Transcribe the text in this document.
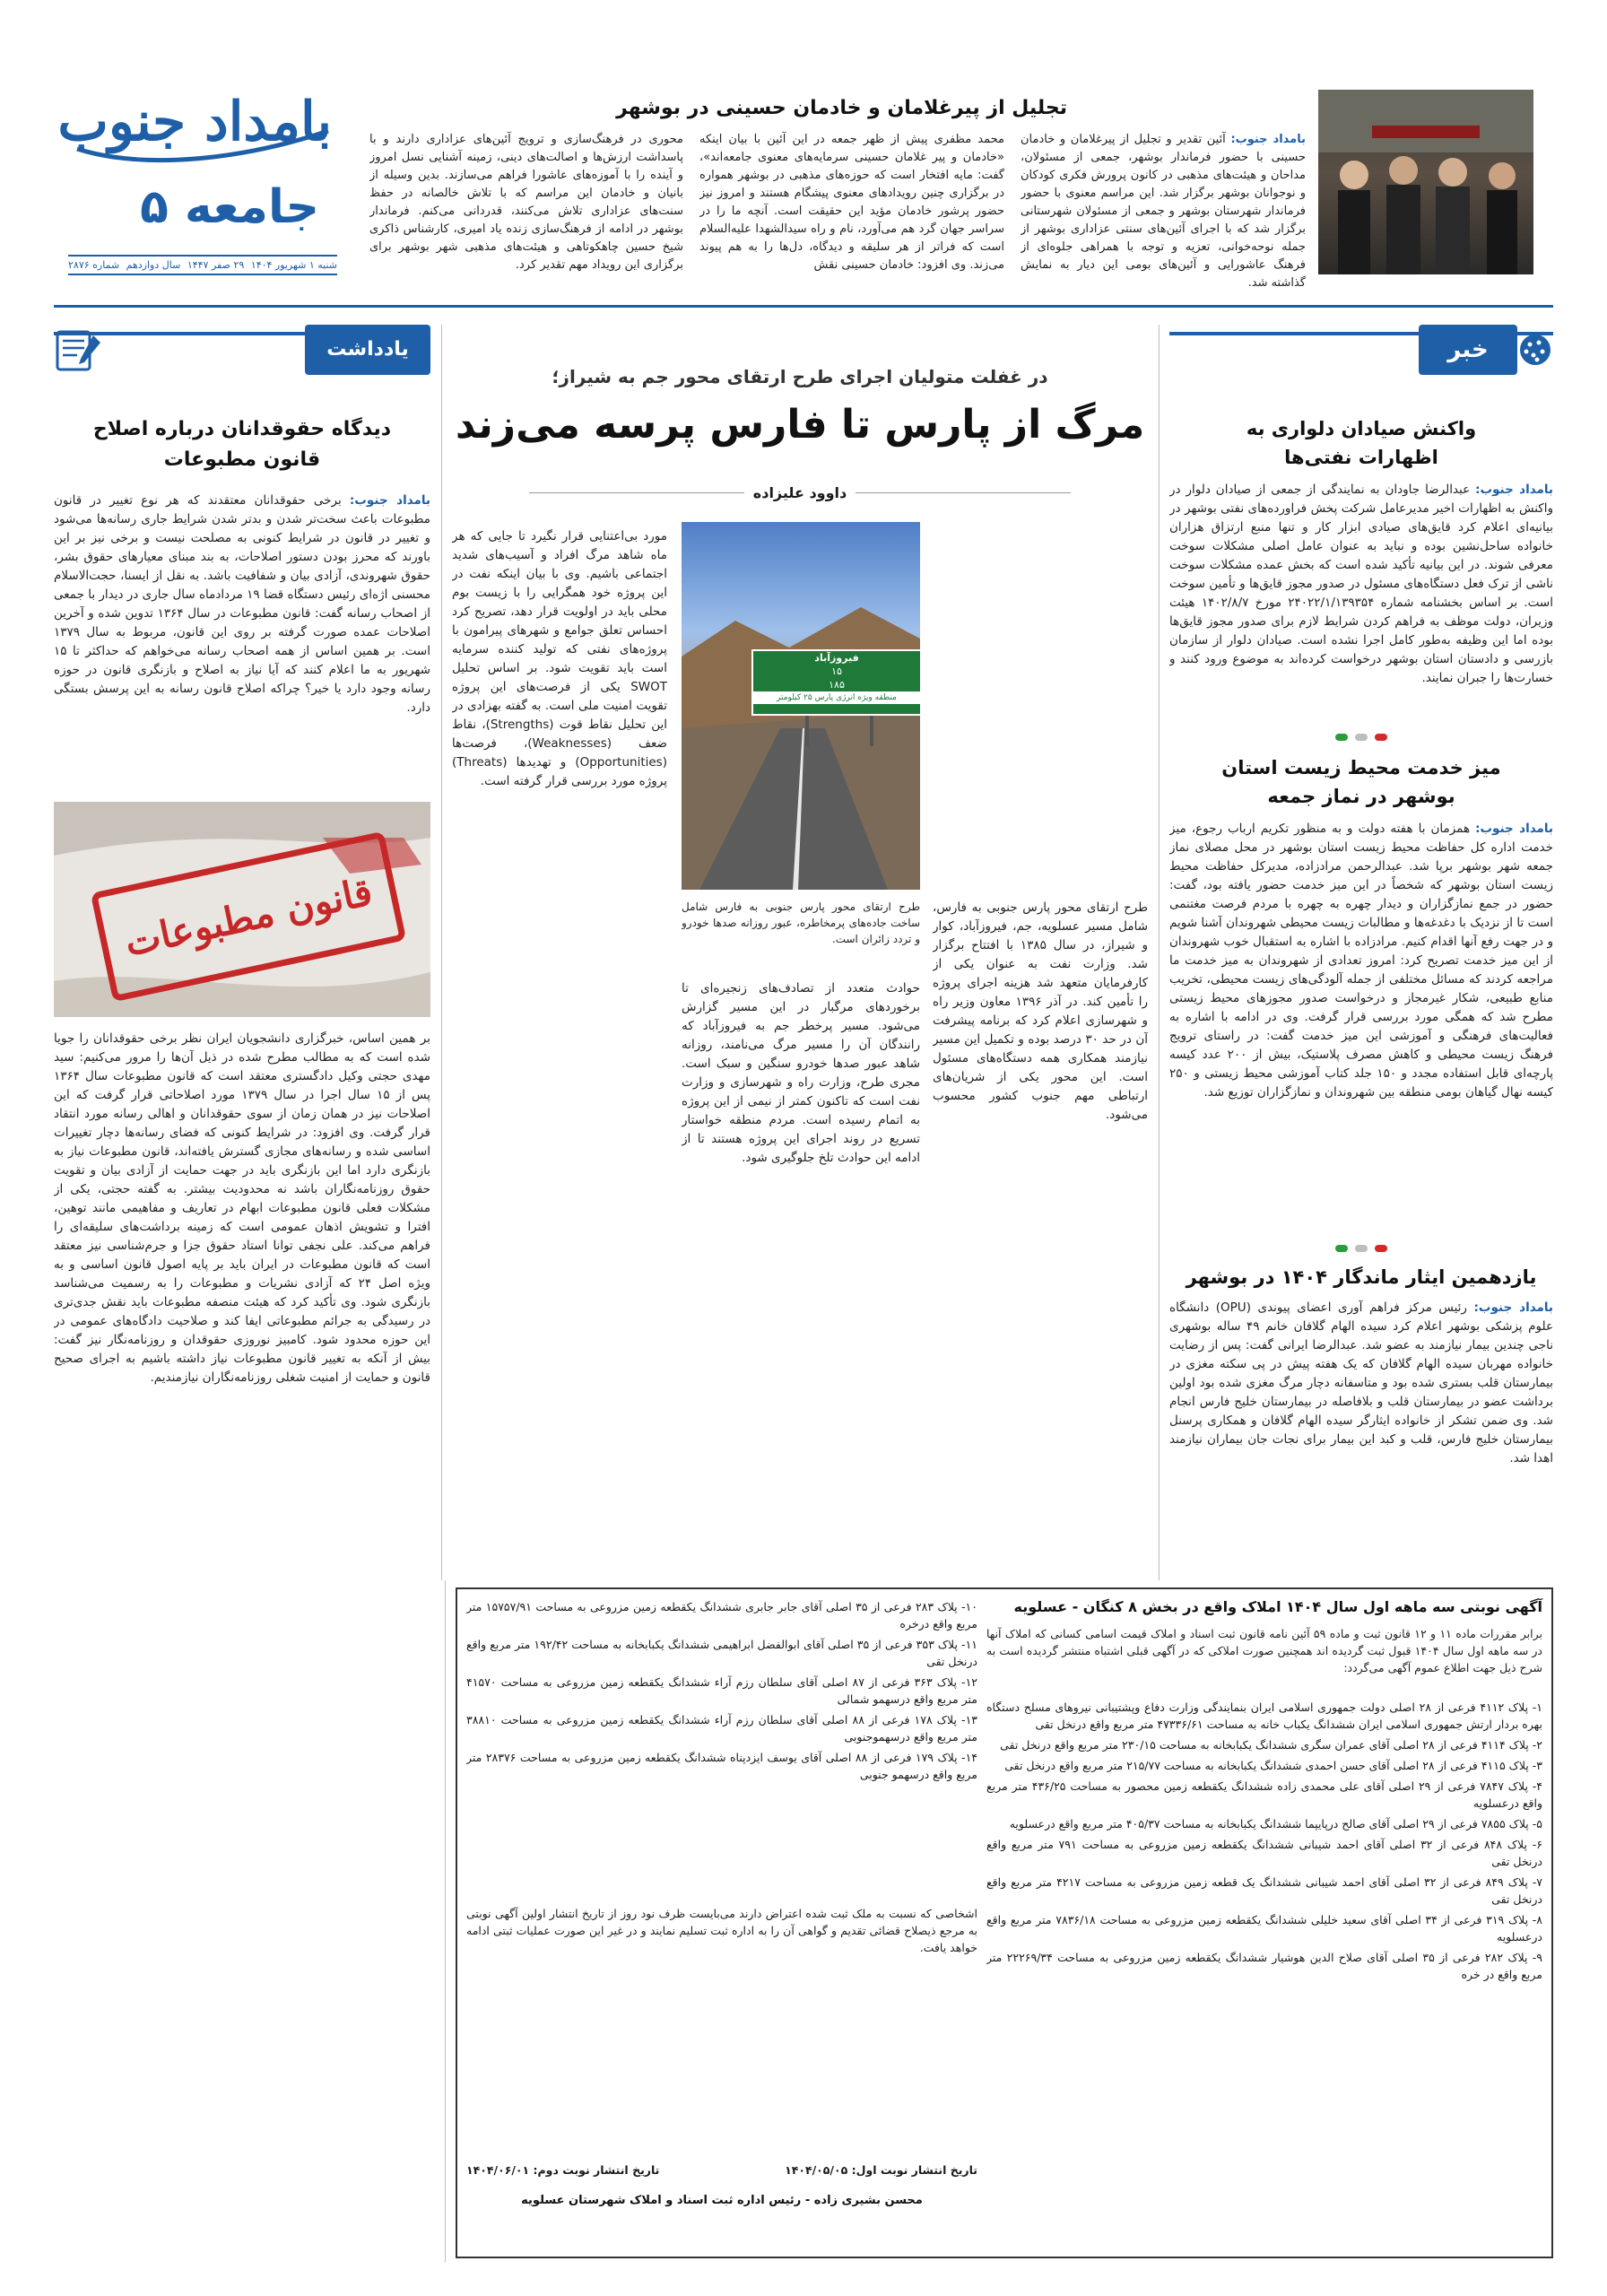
بامداد جنوب
جامعه ۵
شنبه ۱ شهریور ۱۴۰۴
۲۹ صفر ۱۴۴۷
سال دوازدهم
شماره ۲۸۷۶
تجلیل از پیرغلامان و خادمان حسینی در بوشهر
بامداد جنوب: آئین تقدیر و تجلیل از پیرغلامان و خادمان حسینی با حضور فرماندار بوشهر، جمعی از مسئولان، مداحان و هیئت‌های مذهبی در کانون پرورش فکری کودکان و نوجوانان بوشهر برگزار شد. این مراسم معنوی با حضور فرماندار شهرستان بوشهر و جمعی از مسئولان شهرستانی برگزار شد که با اجرای آئین‌های سنتی عزاداری بوشهر از جمله نوحه‌خوانی، تعزیه و توجه با همراهی جلوه‌ای از فرهنگ عاشورایی و آئین‌های بومی این دیار به نمایش گذاشته شد.
محمد مظفری پیش از ظهر جمعه در این آئین با بیان اینکه «خادمان و پیر غلامان حسینی سرمایه‌های معنوی جامعه‌اند»، گفت: مایه افتخار است که حوزه‌های مذهبی در بوشهر همواره در برگزاری چنین رویدادهای معنوی پیشگام هستند و امروز نیز حضور پرشور خادمان مؤید این حقیقت است. آنچه ما را در سراسر جهان گرد هم می‌آورد، نام و راه سیدالشهدا علیه‌السلام است که فراتر از هر سلیقه و دیدگاه، دل‌ها را به هم پیوند می‌زند. وی افزود: خادمان حسینی نقش
محوری در فرهنگ‌سازی و ترویج آئین‌های عزاداری دارند و با پاسداشت ارزش‌ها و اصالت‌های دینی، زمینه آشنایی نسل امروز و آینده را با آموزه‌های عاشورا فراهم می‌سازند. بدین وسیله از بانیان و خادمان این مراسم که با تلاش خالصانه در حفظ سنت‌های عزاداری تلاش می‌کنند، قدردانی می‌کنم. فرماندار بوشهر در ادامه از فرهنگ‌سازی زنده یاد امیری، کارشناس ذاکری شیخ حسین چاهکوتاهی و هیئت‌های مذهبی شهر بوشهر برای برگزاری این رویداد مهم تقدیر کرد.
خبر
واکنش صیادان دلواری به اظهارات نفتی‌ها
بامداد جنوب: عبدالرضا جاودان به نمایندگی از جمعی از صیادان دلوار در واکنش به اظهارات اخیر مدیرعامل شرکت پخش فراورده‌های نفتی بوشهر در بیانیه‌ای اعلام کرد قایق‌های صیادی ابزار کار و تنها منبع ارتزاق هزاران خانواده ساحل‌نشین بوده و نباید به عنوان عامل اصلی مشکلات سوخت معرفی شوند. در این بیانیه تأکید شده است که بخش عمده مشکلات سوخت ناشی از ترک فعل دستگاه‌های مسئول در صدور مجوز قایق‌ها و تأمین سوخت است. بر اساس بخشنامه شماره ۲۴۰۲۲/۱/۱۳۹۳۵۴ مورخ ۱۴۰۲/۸/۷ هیئت وزیران، دولت موظف به فراهم کردن شرایط لازم برای صدور مجوز قایق‌ها بوده اما این وظیفه به‌طور کامل اجرا نشده است. صیادان دلوار از سازمان بازرسی و دادستان استان بوشهر درخواست کرده‌اند به موضوع ورود کنند و خسارت‌ها را جبران نمایند.
میز خدمت محیط زیست استان بوشهر در نماز جمعه
بامداد جنوب: همزمان با هفته دولت و به منظور تکریم ارباب رجوع، میز خدمت اداره کل حفاظت محیط زیست استان بوشهر در محل مصلای نماز جمعه شهر بوشهر برپا شد. عبدالرحمن مرادزاده، مدیرکل حفاظت محیط زیست استان بوشهر که شخصاً در این میز خدمت حضور یافته بود، گفت: حضور در جمع نمازگزاران و دیدار چهره به چهره با مردم فرصت مغتنمی است تا از نزدیک با دغدغه‌ها و مطالبات زیست محیطی شهروندان آشنا شویم و در جهت رفع آنها اقدام کنیم. مرادزاده با اشاره به استقبال خوب شهروندان از این میز خدمت تصریح کرد: امروز تعدادی از شهروندان به میز خدمت ما مراجعه کردند که مسائل مختلفی از جمله آلودگی‌های زیست محیطی، تخریب منابع طبیعی، شکار غیرمجاز و درخواست صدور مجوزهای محیط زیستی مطرح شد که همگی مورد بررسی قرار گرفت. وی در ادامه با اشاره به فعالیت‌های فرهنگی و آموزشی این میز خدمت گفت: در راستای ترویج فرهنگ زیست محیطی و کاهش مصرف پلاستیک، بیش از ۲۰۰ عدد کیسه پارچه‌ای قابل استفاده مجدد و ۱۵۰ جلد کتاب آموزشی محیط زیستی و ۲۵۰ کیسه نهال گیاهان بومی منطقه بین شهروندان و نمازگزاران توزیع شد.
یازدهمین ایثار ماندگار ۱۴۰۴ در بوشهر
بامداد جنوب: رئیس مرکز فراهم آوری اعضای پیوندی (OPU) دانشگاه علوم پزشکی بوشهر اعلام کرد سیده الهام گلافان خانم ۴۹ ساله بوشهری ناجی چندین بیمار نیازمند به عضو شد. عبدالرضا ایرانی گفت: پس از رضایت خانواده مهربان سیده الهام گلافان که یک هفته پیش در پی سکته مغزی در بیمارستان قلب بستری شده بود و متاسفانه دچار مرگ مغزی شده بود اولین برداشت عضو در بیمارستان قلب و بلافاصله در بیمارستان خلیج فارس انجام شد. وی ضمن تشکر از خانواده ایثارگر سیده الهام گلافان و همکاری پرسنل بیمارستان خلیج فارس، قلب و کبد این بیمار برای نجات جان بیماران نیازمند اهدا شد.
در غفلت متولیان اجرای طرح ارتقای محور جم به شیراز؛
مرگ از پارس تا فارس پرسه می‌زند
داوود علیزاده
فیروزآباد
۱۵
۱۸۵
منطقه ویژه انرژی پارس ۲۵ کیلومتر
مورد بی‌اعتنایی قرار نگیرد تا جایی که هر ماه شاهد مرگ افراد و آسیب‌های شدید اجتماعی باشیم. وی با بیان اینکه نفت در این پروژه خود همگرایی را با زیست بوم محلی باید در اولویت قرار دهد، تصریح کرد احساس تعلق جوامع و شهرهای پیرامون با پروژه‌های نفتی که تولید کننده سرمایه است باید تقویت شود. بر اساس تحلیل SWOT یکی از فرصت‌های این پروژه تقویت امنیت ملی است. به گفته بهزادی در این تحلیل نقاط قوت (Strengths)، نقاط ضعف (Weaknesses)، فرصت‌ها (Opportunities) و تهدیدها (Threats) پروژه مورد بررسی قرار گرفته است.
طرح ارتقای محور پارس جنوبی به فارس شامل ساخت جاده‌های پرمخاطره، عبور روزانه صدها خودرو و تردد زائران است.
حوادث متعدد از تصادف‌های زنجیره‌ای تا برخوردهای مرگبار در این مسیر گزارش می‌شود. مسیر پرخطر جم به فیروزآباد که رانندگان آن را مسیر مرگ می‌نامند، روزانه شاهد عبور صدها خودرو سنگین و سبک است. مجری طرح، وزارت راه و شهرسازی و وزارت نفت است که تاکنون کمتر از نیمی از این پروژه به اتمام رسیده است. مردم منطقه خواستار تسریع در روند اجرای این پروژه هستند تا از ادامه این حوادث تلخ جلوگیری شود.
طرح ارتقای محور پارس جنوبی به فارس، شامل مسیر عسلویه، جم، فیروزآباد، کوار و شیراز، در سال ۱۳۸۵ با افتتاح برگزار شد. وزارت نفت به عنوان یکی از کارفرمایان متعهد شد هزینه اجرای پروژه را تأمین کند. در آذر ۱۳۹۶ معاون وزیر راه و شهرسازی اعلام کرد که برنامه پیشرفت آن در حد ۳۰ درصد بوده و تکمیل این مسیر نیازمند همکاری همه دستگاه‌های مسئول است. این محور یکی از شریان‌های ارتباطی مهم جنوب کشور محسوب می‌شود.
یادداشت
دیدگاه حقوقدانان درباره اصلاح قانون مطبوعات
بامداد جنوب: برخی حقوقدانان معتقدند که هر نوع تغییر در قانون مطبوعات باعث سخت‌تر شدن و بدتر شدن شرایط جاری رسانه‌ها می‌شود و تغییر در قانون در شرایط کنونی به مصلحت نیست و برخی نیز بر این باورند که محرز بودن دستور اصلاحات، به ‌بند مبنای معیارهای حقوق بشر، حقوق شهروندی، آزادی بیان و شفافیت باشد. به نقل از ایسنا، حجت‌الاسلام محسنی اژه‌ای رئیس دستگاه قضا ۱۹ مردادماه سال جاری در دیدار با جمعی از اصحاب رسانه گفت: قانون مطبوعات در سال ۱۳۶۴ تدوین شده و آخرین اصلاحات عمده صورت گرفته بر روی این قانون، مربوط به سال ۱۳۷۹ است. بر همین اساس از همه اصحاب رسانه می‌خواهم که حداکثر تا ۱۵ شهریور به ما اعلام کنند که آیا نیاز به اصلاح و بازنگری قانون در حوزه رسانه وجود دارد یا خیر؟ چراکه اصلاح قانون رسانه به این پرسش بستگی دارد.
قانون مطبوعات
بر همین اساس، خبرگزاری دانشجویان ایران نظر برخی حقوقدانان را جویا شده است که به مطالب مطرح شده در ذیل آن‌ها را مرور می‌کنیم: سید مهدی حجتی وکیل دادگستری معتقد است که قانون مطبوعات سال ۱۳۶۴ پس از ۱۵ سال اجرا در سال ۱۳۷۹ مورد اصلاحاتی قرار گرفت که این اصلاحات نیز در همان زمان از سوی حقوقدانان و اهالی رسانه مورد انتقاد قرار گرفت. وی افزود: در شرایط کنونی که فضای رسانه‌ها دچار تغییرات اساسی شده و رسانه‌های مجازی گسترش یافته‌اند، قانون مطبوعات نیاز به بازنگری دارد اما این بازنگری باید در جهت حمایت از آزادی بیان و تقویت حقوق روزنامه‌نگاران باشد نه محدودیت بیشتر. به گفته حجتی، یکی از مشکلات فعلی قانون مطبوعات ابهام در تعاریف و مفاهیمی مانند توهین، افترا و تشویش اذهان عمومی است که زمینه برداشت‌های سلیقه‌ای را فراهم می‌کند. علی نجفی توانا استاد حقوق جزا و جرم‌شناسی نیز معتقد است که قانون مطبوعات در ایران باید بر پایه اصول قانون اساسی و به ویژه اصل ۲۴ که آزادی نشریات و مطبوعات را به رسمیت می‌شناسد بازنگری شود. وی تأکید کرد که هیئت منصفه مطبوعات باید نقش جدی‌تری در رسیدگی به جرائم مطبوعاتی ایفا کند و صلاحیت دادگاه‌های عمومی در این حوزه محدود شود. کامبیز نوروزی حقوقدان و روزنامه‌نگار نیز گفت: بیش از آنکه به تغییر قانون مطبوعات نیاز داشته باشیم به اجرای صحیح قانون و حمایت از امنیت شغلی روزنامه‌نگاران نیازمندیم.
آگهی نوبتی سه ماهه اول سال ۱۴۰۴ املاک واقع در بخش ۸ کنگان - عسلویه
برابر مقررات ماده ۱۱ و ۱۲ قانون ثبت و ماده ۵۹ آئین نامه قانون ثبت اسناد و املاک قیمت اسامی کسانی که املاک آنها در سه ماهه اول سال ۱۴۰۴ قبول ثبت گردیده اند همچنین صورت املاکی که در آگهی قبلی اشتباه منتشر گردیده است به شرح ذیل جهت اطلاع عموم آگهی می‌گردد:
۱- پلاک ۴۱۱۲ فرعی از ۲۸ اصلی دولت جمهوری اسلامی ایران بنمایندگی وزارت دفاع وپشتیبانی نیروهای مسلح دستگاه بهره بردار ارتش جمهوری اسلامی ایران ششدانگ یکباب خانه به مساحت ۴۷۳۳۶/۶۱ متر مربع واقع درنخل تقی
۲- پلاک ۴۱۱۴ فرعی از ۲۸ اصلی آقای عمران سگری ششدانگ یکبابخانه به مساحت ۲۳۰/۱۵ متر مربع واقع درنخل تقی
۳- پلاک ۴۱۱۵ فرعی از ۲۸ اصلی آقای حسن احمدی ششدانگ یکبابخانه به مساحت ۲۱۵/۷۷ متر مربع واقع درنخل تقی
۴- پلاک ۷۸۴۷ فرعی از ۲۹ اصلی آقای علی محمدی زاده ششدانگ یکقطعه زمین محصور به مساحت ۴۳۶/۲۵ متر مربع واقع درعسلویه
۵- پلاک ۷۸۵۵ فرعی از ۲۹ اصلی آقای صالح درپایپما ششدانگ یکبابخانه به مساحت ۴۰۵/۳۷ متر مربع واقع درعسلویه
۶- پلاک ۸۴۸ فرعی از ۳۲ اصلی آقای احمد شیبانی ششدانگ یکقطعه زمین مزروعی به مساحت ۷۹۱ متر مربع واقع درنخل تقی
۷- پلاک ۸۴۹ فرعی از ۳۲ اصلی آقای احمد شیبانی ششدانگ یک قطعه زمین مزروعی به مساحت ۴۲۱۷ متر مربع واقع درنخل تقی
۸- پلاک ۳۱۹ فرعی از ۳۴ اصلی آقای سعید خلیلی ششدانگ یکقطعه زمین مزروعی به مساحت ۷۸۳۶/۱۸ متر مربع واقع درعسلویه
۹- پلاک ۲۸۲ فرعی از ۳۵ اصلی آقای صلاح الدین هوشیار ششدانگ یکقطعه زمین مزروعی به مساحت ۲۲۲۶۹/۳۴ متر مربع واقع در خره
۱۰- پلاک ۲۸۳ فرعی از ۳۵ اصلی آقای جابر جابری ششدانگ یکقطعه زمین مزروعی به مساحت ۱۵۷۵۷/۹۱ متر مربع واقع درخره
۱۱- پلاک ۳۵۳ فرعی از ۳۵ اصلی آقای ابوالفضل ابراهیمی ششدانگ یکبابخانه به مساحت ۱۹۲/۴۲ متر مربع واقع درنخل تقی
۱۲- پلاک ۳۶۳ فرعی از ۸۷ اصلی آقای سلطان رزم آراء ششدانگ یکقطعه زمین مزروعی به مساحت ۴۱۵۷۰ متر مربع واقع درسهمو شمالی
۱۳- پلاک ۱۷۸ فرعی از ۸۸ اصلی آقای سلطان رزم آراء ششدانگ یکقطعه زمین مزروعی به مساحت ۳۸۸۱۰ متر مربع واقع درسهموجنوبی
۱۴- پلاک ۱۷۹ فرعی از ۸۸ اصلی آقای یوسف ایزدپناه ششدانگ یکقطعه زمین مزروعی به مساحت ۲۸۳۷۶ متر مربع واقع درسهمو جنوبی
اشخاصی که نسبت به ملک ثبت شده اعتراض دارند می‌بایست ظرف نود روز از تاریخ انتشار اولین آگهی نوبتی به مرجع ذیصلاح قضائی تقدیم و گواهی آن را به اداره ثبت تسلیم نمایند و در غیر این صورت عملیات ثبتی ادامه خواهد یافت.
تاریخ انتشار نوبت اول: ۱۴۰۴/۰۵/۰۵
تاریخ انتشار نوبت دوم: ۱۴۰۴/۰۶/۰۱
محسن بشیری زاده - رئیس اداره ثبت اسناد و املاک شهرستان عسلویه
